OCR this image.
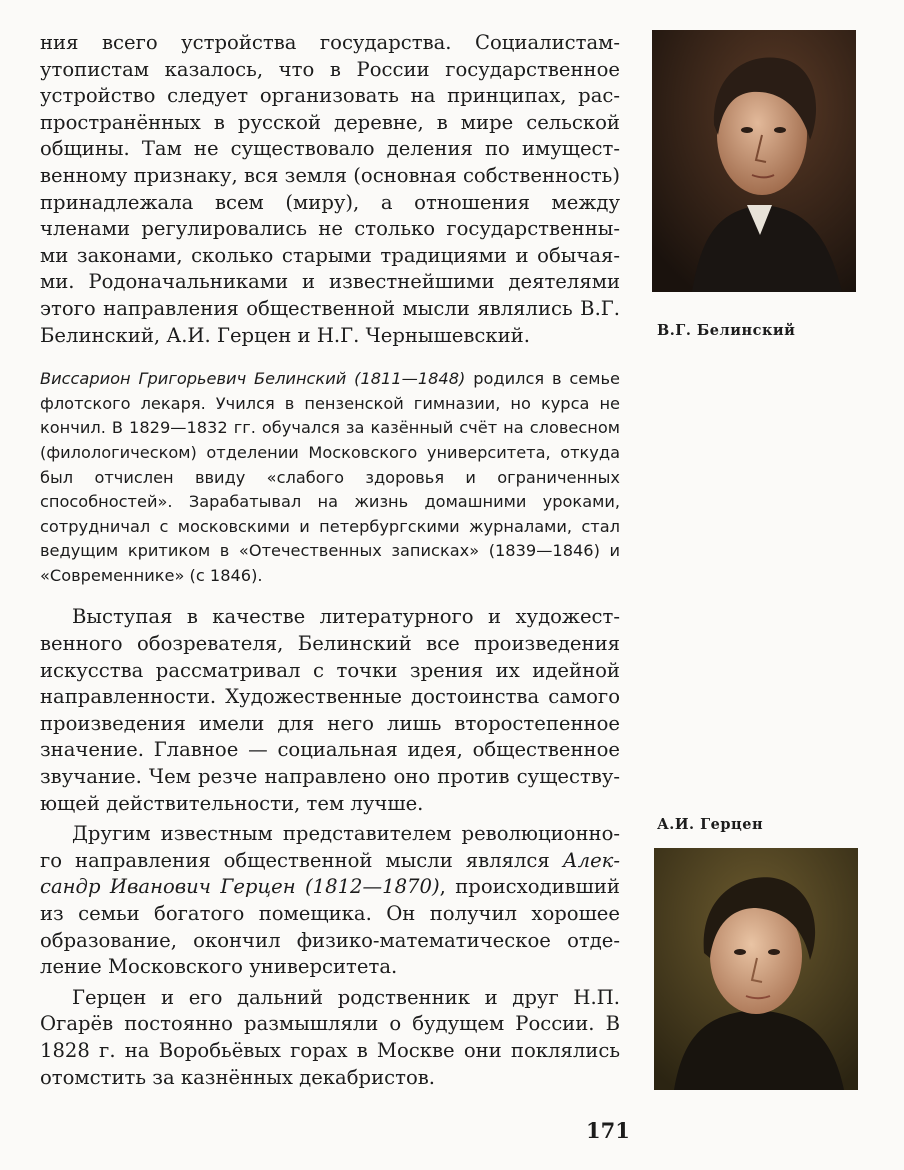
ния всего устройства государства. Социалистам-утопистам казалось, что в России государственное устройство следует организовать на принципах, распространённых в русской деревне, в мире сельской общины. Там не существовало деления по имущественному признаку, вся земля (основная собственность) принадлежала всем (миру), а отношения между членами регулировались не столько государственными законами, сколько старыми традициями и обычаями. Родоначальниками и известнейшими деятелями этого направления общественной мысли являлись В.Г. Белинский, А.И. Герцен и Н.Г. Чернышевский.

Виссарион Григорьевич Белинский (1811—1848) родился в семье флотского лекаря. Учился в пензенской гимназии, но курса не кончил. В 1829—1832 гг. обучался за казённый счёт на словесном (филологическом) отделении Московского университета, откуда был отчислен ввиду «слабого здоровья и ограниченных способностей». Зарабатывал на жизнь домашними уроками, сотрудничал с московскими и петербургскими журналами, стал ведущим критиком в «Отечественных записках» (1839—1846) и «Современнике» (с 1846).

Выступая в качестве литературного и художественного обозревателя, Белинский все произведения искусства рассматривал с точки зрения их идейной направленности. Художественные достоинства самого произведения имели для него лишь второстепенное значение. Главное — социальная идея, общественное звучание. Чем резче направлено оно против существующей действительности, тем лучше.

Другим известным представителем революционного направления общественной мысли являлся Александр Иванович Герцен (1812—1870), происходивший из семьи богатого помещика. Он получил хорошее образование, окончил физико-математическое отделение Московского университета.

Герцен и его дальний родственник и друг Н.П. Огарёв постоянно размышляли о будущем России. В 1828 г. на Воробьёвых горах в Москве они поклялись отомстить за казнённых декабристов.

В.Г. Белинский
А.И. Герцен
171
